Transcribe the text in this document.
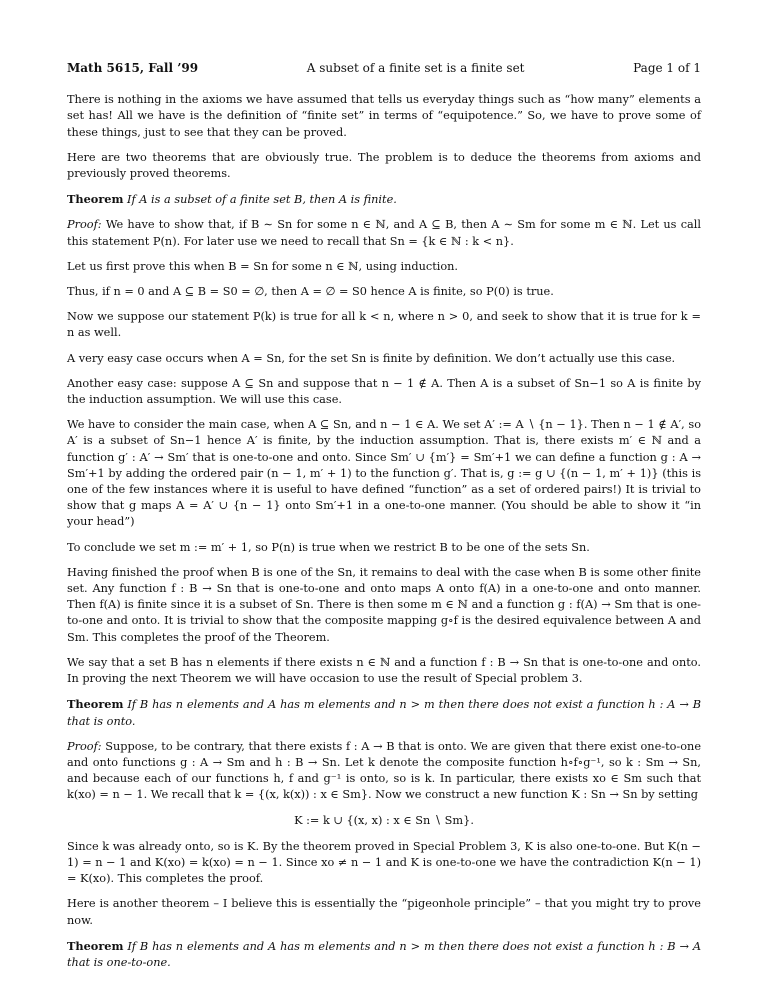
Math 5615, Fall ’99	A subset of a finite set is a finite set	Page 1 of 1

There is nothing in the axioms we have assumed that tells us everyday things such as “how many” elements a set has! All we have is the definition of “finite set” in terms of “equipotence.” So, we have to prove some of these things, just to see that they can be proved.

Here are two theorems that are obviously true. The problem is to deduce the theorems from axioms and previously proved theorems.

Theorem If A is a subset of a finite set B, then A is finite.

Proof: We have to show that, if B ∼ Sn for some n ∈ ℕ, and A ⊆ B, then A ∼ Sm for some m ∈ ℕ. Let us call this statement P(n). For later use we need to recall that Sn = {k ∈ ℕ : k < n}.

Let us first prove this when B = Sn for some n ∈ ℕ, using induction.

Thus, if n = 0 and A ⊆ B = S0 = ∅, then A = ∅ = S0 hence A is finite, so P(0) is true.

Now we suppose our statement P(k) is true for all k < n, where n > 0, and seek to show that it is true for k = n as well.

A very easy case occurs when A = Sn, for the set Sn is finite by definition. We don’t actually use this case.

Another easy case: suppose A ⊆ Sn and suppose that n − 1 ∉ A. Then A is a subset of Sn−1 so A is finite by the induction assumption. We will use this case.

We have to consider the main case, when A ⊆ Sn, and n − 1 ∈ A. We set A′ := A ∖ {n − 1}. Then n − 1 ∉ A′, so A′ is a subset of Sn−1 hence A′ is finite, by the induction assumption. That is, there exists m′ ∈ ℕ and a function g′ : A′ → Sm′ that is one-to-one and onto. Since Sm′ ∪ {m′} = Sm′+1 we can define a function g : A → Sm′+1 by adding the ordered pair (n − 1, m′ + 1) to the function g′. That is, g := g ∪ {(n − 1, m′ + 1)} (this is one of the few instances where it is useful to have defined “function” as a set of ordered pairs!) It is trivial to show that g maps A = A′ ∪ {n − 1} onto Sm′+1 in a one-to-one manner. (You should be able to show it “in your head”)

To conclude we set m := m′ + 1, so P(n) is true when we restrict B to be one of the sets Sn.

Having finished the proof when B is one of the Sn, it remains to deal with the case when B is some other finite set. Any function f : B → Sn that is one-to-one and onto maps A onto f(A) in a one-to-one and onto manner. Then f(A) is finite since it is a subset of Sn. There is then some m ∈ ℕ and a function g : f(A) → Sm that is one-to-one and onto. It is trivial to show that the composite mapping g∘f is the desired equivalence between A and Sm. This completes the proof of the Theorem.

We say that a set B has n elements if there exists n ∈ ℕ and a function f : B → Sn that is one-to-one and onto. In proving the next Theorem we will have occasion to use the result of Special problem 3.

Theorem If B has n elements and A has m elements and n > m then there does not exist a function h : A → B that is onto.

Proof: Suppose, to be contrary, that there exists f : A → B that is onto. We are given that there exist one-to-one and onto functions g : A → Sm and h : B → Sn. Let k denote the composite function h∘f∘g⁻¹, so k : Sm → Sn, and because each of our functions h, f and g⁻¹ is onto, so is k. In particular, there exists xo ∈ Sm such that k(xo) = n − 1. We recall that k = {(x, k(x)) : x ∈ Sm}. Now we construct a new function K : Sn → Sn by setting

K := k ∪ {(x, x) : x ∈ Sn ∖ Sm}.

Since k was already onto, so is K. By the theorem proved in Special Problem 3, K is also one-to-one. But K(n − 1) = n − 1 and K(xo) = k(xo) = n − 1. Since xo ≠ n − 1 and K is one-to-one we have the contradiction K(n − 1) = K(xo). This completes the proof.

Here is another theorem – I believe this is essentially the “pigeonhole principle” – that you might try to prove now.

Theorem If B has n elements and A has m elements and n > m then there does not exist a function h : B → A that is one-to-one.
